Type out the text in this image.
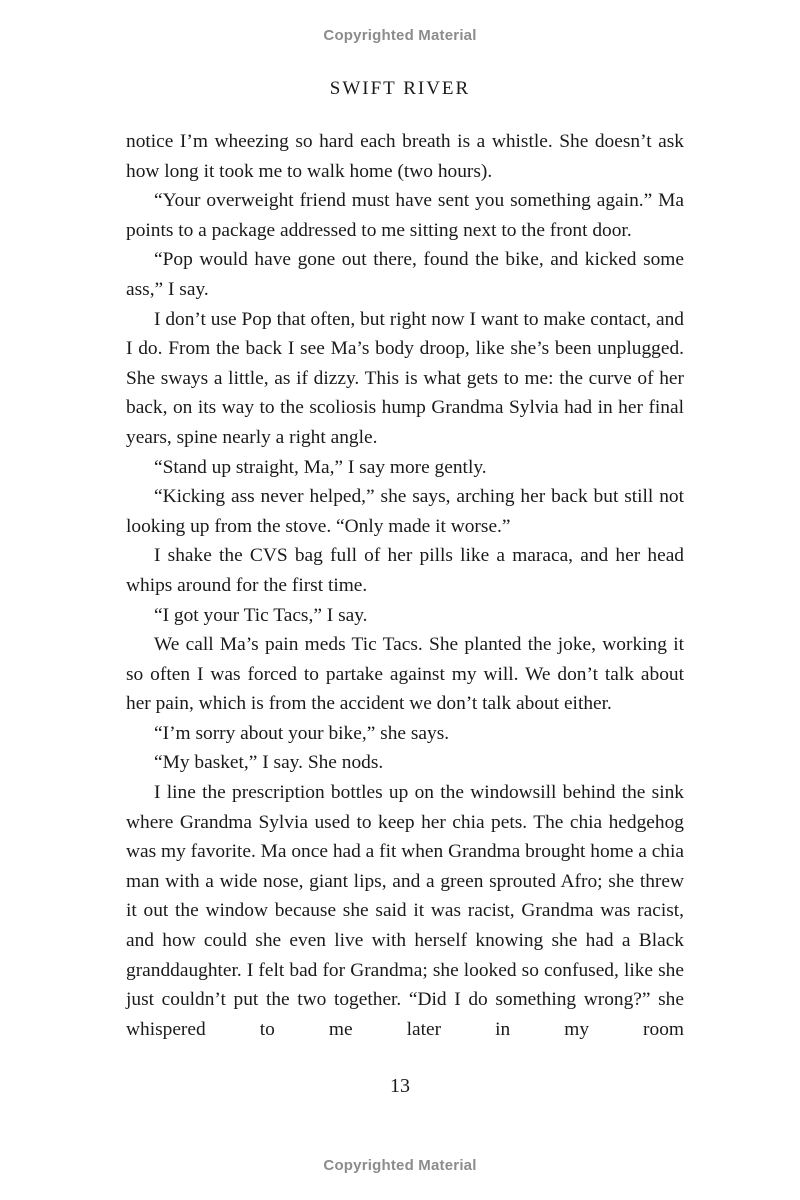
Copyrighted Material
SWIFT RIVER

notice I’m wheezing so hard each breath is a whistle. She doesn’t ask how long it took me to walk home (two hours).

“Your overweight friend must have sent you something again.” Ma points to a package addressed to me sitting next to the front door.

“Pop would have gone out there, found the bike, and kicked some ass,” I say.

I don’t use Pop that often, but right now I want to make contact, and I do. From the back I see Ma’s body droop, like she’s been unplugged. She sways a little, as if dizzy. This is what gets to me: the curve of her back, on its way to the scoliosis hump Grandma Sylvia had in her final years, spine nearly a right angle.

“Stand up straight, Ma,” I say more gently.

“Kicking ass never helped,” she says, arching her back but still not looking up from the stove. “Only made it worse.”

I shake the CVS bag full of her pills like a maraca, and her head whips around for the first time.

“I got your Tic Tacs,” I say.

We call Ma’s pain meds Tic Tacs. She planted the joke, working it so often I was forced to partake against my will. We don’t talk about her pain, which is from the accident we don’t talk about either.

“I’m sorry about your bike,” she says.

“My basket,” I say. She nods.

I line the prescription bottles up on the windowsill behind the sink where Grandma Sylvia used to keep her chia pets. The chia hedgehog was my favorite. Ma once had a fit when Grandma brought home a chia man with a wide nose, giant lips, and a green sprouted Afro; she threw it out the window because she said it was racist, Grandma was racist, and how could she even live with herself knowing she had a Black granddaughter. I felt bad for Grandma; she looked so confused, like she just couldn’t put the two together. “Did I do something wrong?” she whispered to me later in my room

13
Copyrighted Material
